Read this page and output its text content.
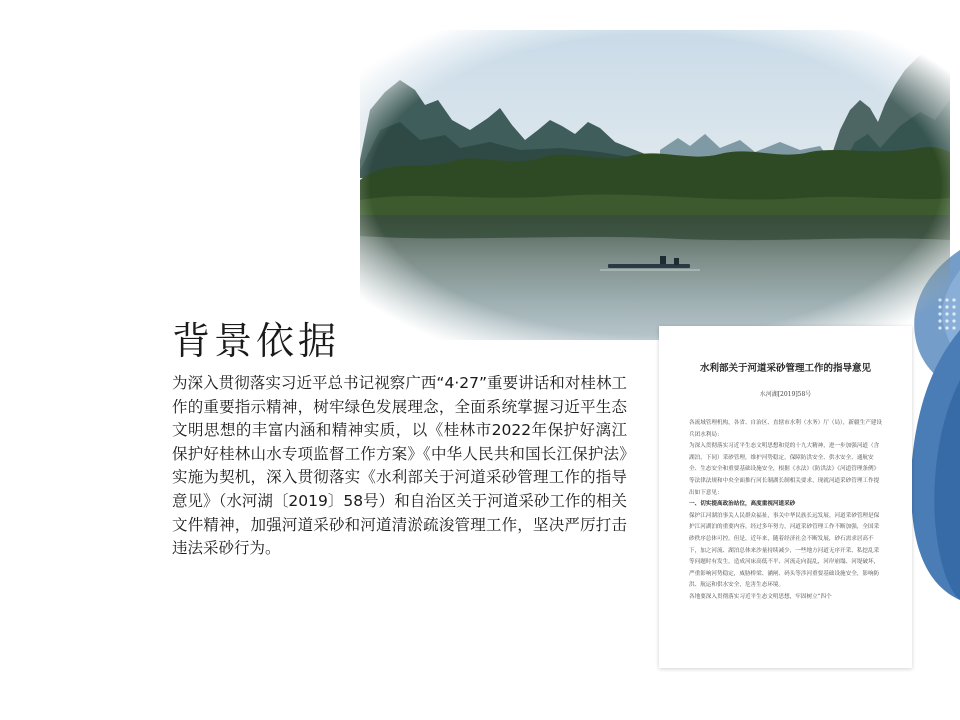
背景依据
为深入贯彻落实习近平总书记视察广西“4·27”重要讲话和对桂林工作的重要指示精神，树牢绿色发展理念，全面系统掌握习近平生态文明思想的丰富内涵和精神实质，以《桂林市2022年保护好漓江保护好桂林山水专项监督工作方案》《中华人民共和国长江保护法》实施为契机，深入贯彻落实《水利部关于河道采砂管理工作的指导意见》（水河湖〔2019〕58号）和自治区关于河道采砂工作的相关文件精神，加强河道采砂和河道清淤疏浚管理工作，坚决严厉打击违法采砂行为。
水利部关于河道采砂管理工作的指导意见
水河湖[2019]58号
各流域管理机构，各省、自治区、直辖市水利（水务）厅（局），新疆生产建设兵团水利局：
为深入贯彻落实习近平生态文明思想和党的十九大精神，进一步加强河道（含湖泊，下同）采砂管理，维护河势稳定，保障防洪安全、供水安全、通航安全、生态安全和重要基础设施安全，根据《水法》《防洪法》《河道管理条例》等法律法规和中央全面推行河长制湖长制相关要求，现就河道采砂管理工作提出如下意见：
一、切实提高政治站位，高度重视河道采砂
保护江河湖泊事关人民群众福祉，事关中华民族长远发展。河道采砂管理是保护江河湖泊的重要内容，经过多年努力，河道采砂管理工作不断加强，全国采砂秩序总体可控。但是，近年来，随着经济社会不断发展，砂石需求居高不下，加之河流、湖泊总体来沙量持续减少，一些地方河道无序开采、私挖乱采等问题时有发生，造成河床高低不平、河流走向混乱，河岸崩塌、河堤破坏，严重影响河势稳定，威胁桥梁、涵闸、码头等涉河重要基础设施安全，影响防洪、航运和供水安全，危害生态环境。
各地要深入贯彻落实习近平生态文明思想，牢固树立“四个
